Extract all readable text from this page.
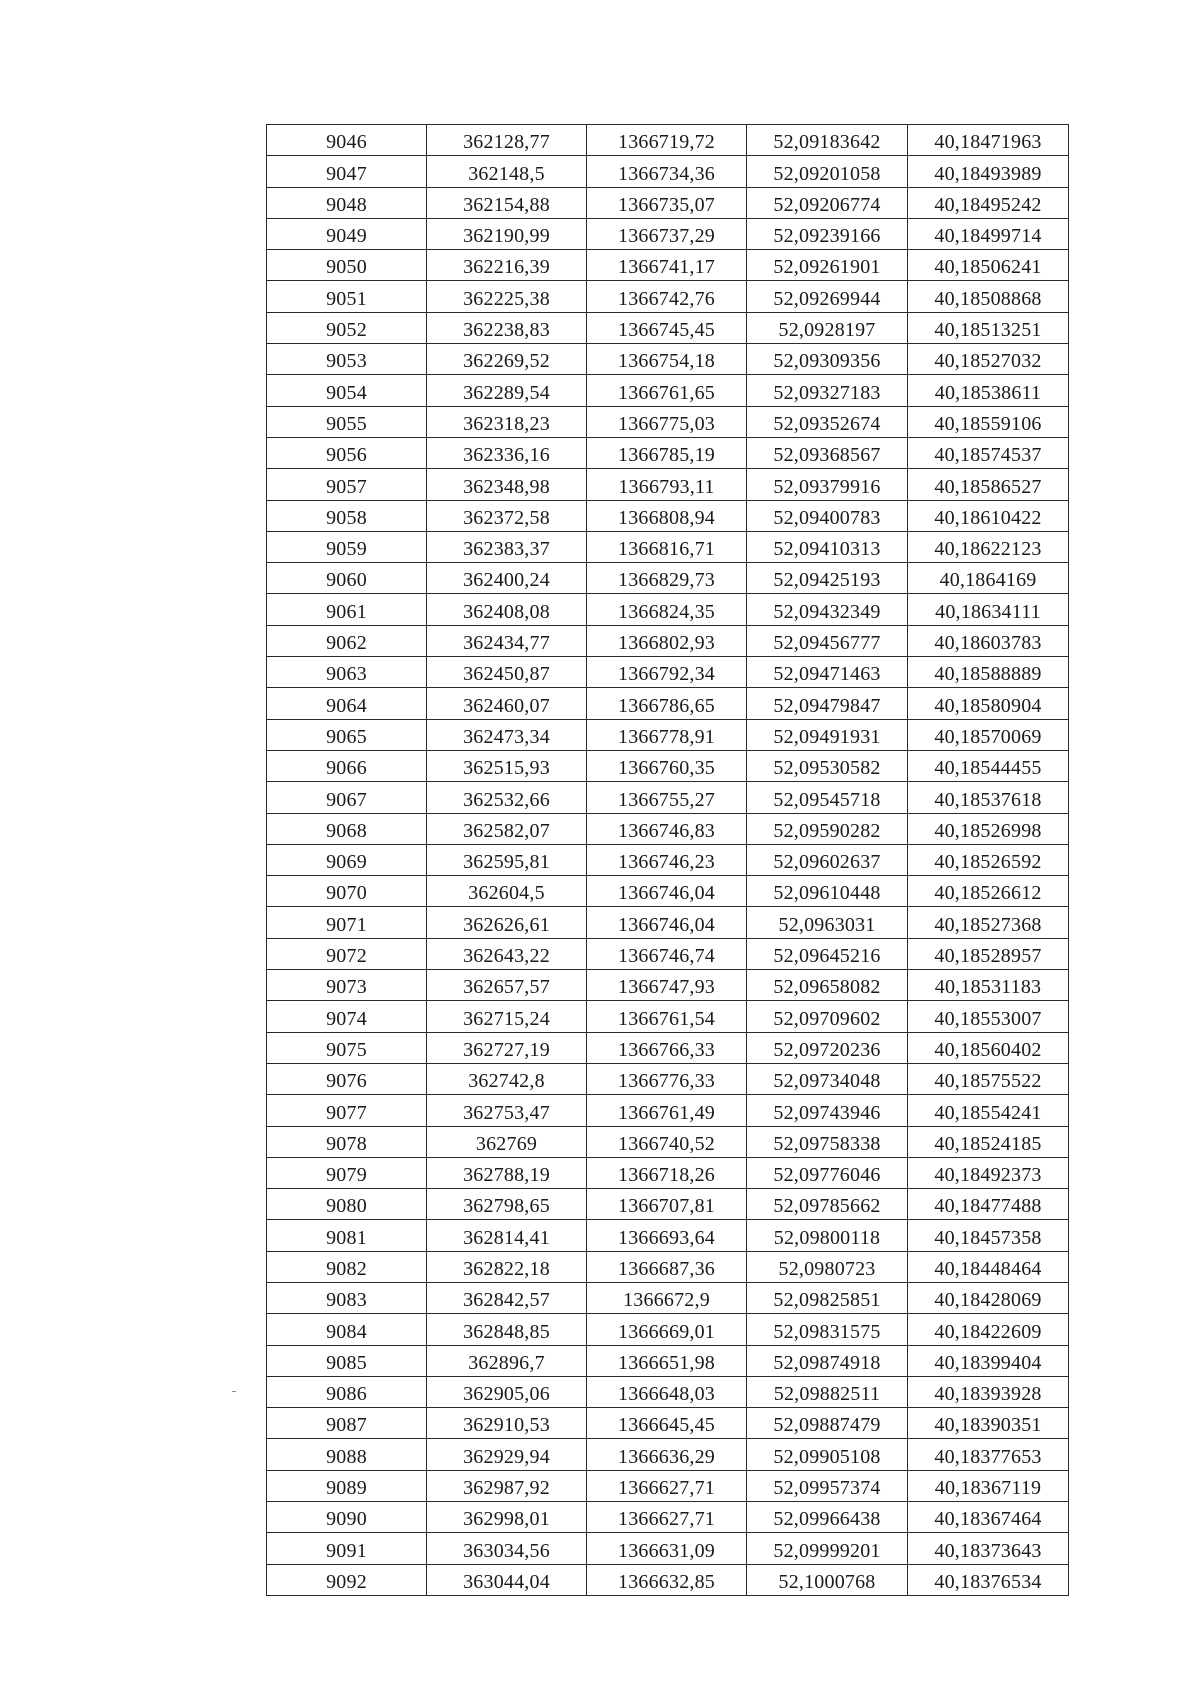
9046	362128,77	1366719,72	52,09183642	40,18471963
9047	362148,5	1366734,36	52,09201058	40,18493989
9048	362154,88	1366735,07	52,09206774	40,18495242
9049	362190,99	1366737,29	52,09239166	40,18499714
9050	362216,39	1366741,17	52,09261901	40,18506241
9051	362225,38	1366742,76	52,09269944	40,18508868
9052	362238,83	1366745,45	52,0928197	40,18513251
9053	362269,52	1366754,18	52,09309356	40,18527032
9054	362289,54	1366761,65	52,09327183	40,18538611
9055	362318,23	1366775,03	52,09352674	40,18559106
9056	362336,16	1366785,19	52,09368567	40,18574537
9057	362348,98	1366793,11	52,09379916	40,18586527
9058	362372,58	1366808,94	52,09400783	40,18610422
9059	362383,37	1366816,71	52,09410313	40,18622123
9060	362400,24	1366829,73	52,09425193	40,1864169
9061	362408,08	1366824,35	52,09432349	40,18634111
9062	362434,77	1366802,93	52,09456777	40,18603783
9063	362450,87	1366792,34	52,09471463	40,18588889
9064	362460,07	1366786,65	52,09479847	40,18580904
9065	362473,34	1366778,91	52,09491931	40,18570069
9066	362515,93	1366760,35	52,09530582	40,18544455
9067	362532,66	1366755,27	52,09545718	40,18537618
9068	362582,07	1366746,83	52,09590282	40,18526998
9069	362595,81	1366746,23	52,09602637	40,18526592
9070	362604,5	1366746,04	52,09610448	40,18526612
9071	362626,61	1366746,04	52,0963031	40,18527368
9072	362643,22	1366746,74	52,09645216	40,18528957
9073	362657,57	1366747,93	52,09658082	40,18531183
9074	362715,24	1366761,54	52,09709602	40,18553007
9075	362727,19	1366766,33	52,09720236	40,18560402
9076	362742,8	1366776,33	52,09734048	40,18575522
9077	362753,47	1366761,49	52,09743946	40,18554241
9078	362769	1366740,52	52,09758338	40,18524185
9079	362788,19	1366718,26	52,09776046	40,18492373
9080	362798,65	1366707,81	52,09785662	40,18477488
9081	362814,41	1366693,64	52,09800118	40,18457358
9082	362822,18	1366687,36	52,0980723	40,18448464
9083	362842,57	1366672,9	52,09825851	40,18428069
9084	362848,85	1366669,01	52,09831575	40,18422609
9085	362896,7	1366651,98	52,09874918	40,18399404
9086	362905,06	1366648,03	52,09882511	40,18393928
9087	362910,53	1366645,45	52,09887479	40,18390351
9088	362929,94	1366636,29	52,09905108	40,18377653
9089	362987,92	1366627,71	52,09957374	40,18367119
9090	362998,01	1366627,71	52,09966438	40,18367464
9091	363034,56	1366631,09	52,09999201	40,18373643
9092	363044,04	1366632,85	52,1000768	40,18376534
